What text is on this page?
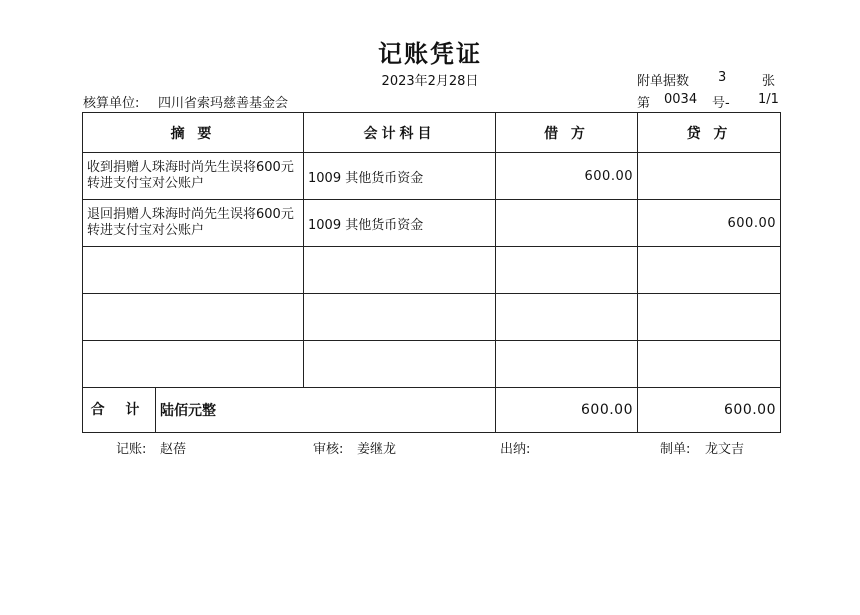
记账凭证
2023年2月28日	附单据数 3	张
核算单位: 四川省索玛慈善基金会	第 0034 号- 1/1
摘 要	会计科目	借 方	贷 方
收到捐赠人珠海时尚先生误将600元转进支付宝对公账户	1009 其他货币资金	600.00	
退回捐赠人珠海时尚先生误将600元转进支付宝对公账户	1009 其他货币资金		600.00

合 计 陆佰元整		600.00	600.00
记账: 赵蓓	审核: 姜继龙	出纳:	制单: 龙文吉
